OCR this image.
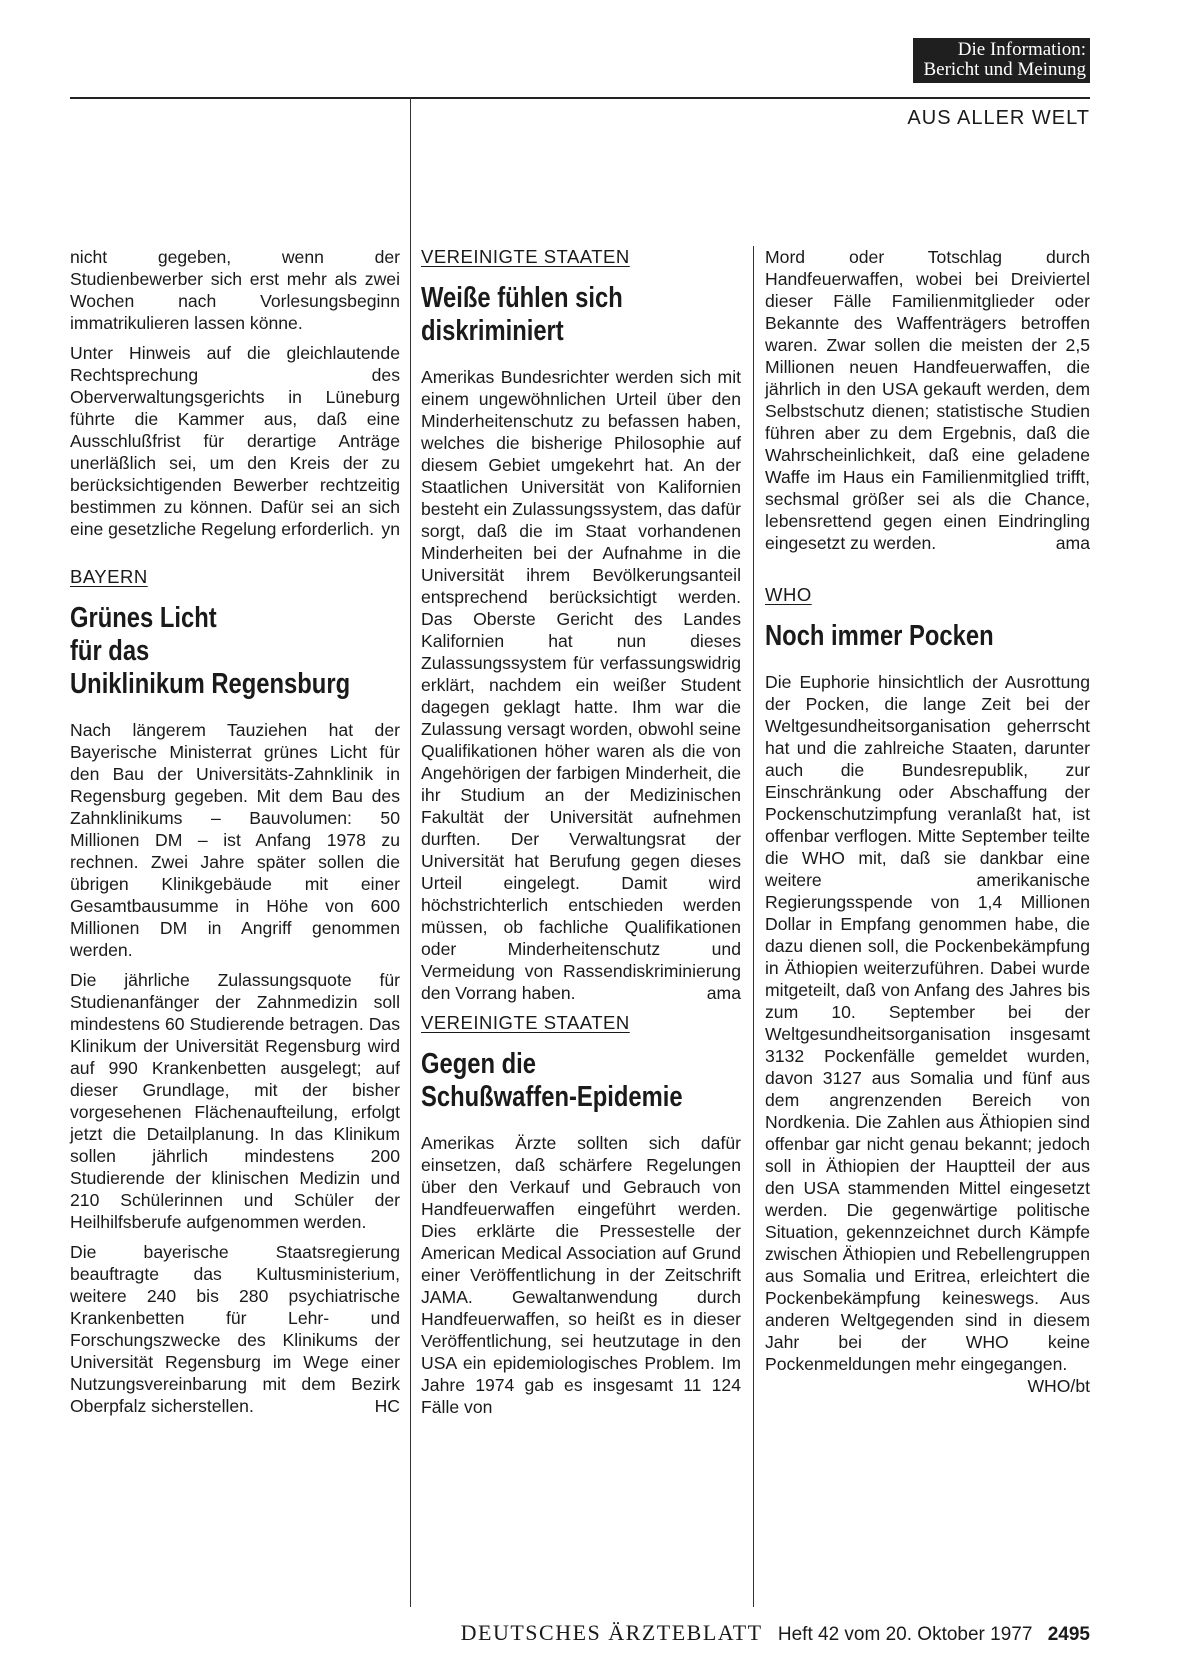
Die Information:
Bericht und Meinung
AUS ALLER WELT

nicht gegeben, wenn der Studienbewerber sich erst mehr als zwei Wochen nach Vorlesungsbeginn immatrikulieren lassen könne.

Unter Hinweis auf die gleichlautende Rechtsprechung des Oberverwaltungsgerichts in Lüneburg führte die Kammer aus, daß eine Ausschlußfrist für derartige Anträge unerläßlich sei, um den Kreis der zu berücksichtigenden Bewerber rechtzeitig bestimmen zu können. Dafür sei an sich eine gesetzliche Regelung erforderlich. yn

BAYERN
Grünes Licht
für das
Uniklinikum Regensburg

Nach längerem Tauziehen hat der Bayerische Ministerrat grünes Licht für den Bau der Universitäts-Zahnklinik in Regensburg gegeben. Mit dem Bau des Zahnklinikums – Bauvolumen: 50 Millionen DM – ist Anfang 1978 zu rechnen. Zwei Jahre später sollen die übrigen Klinikgebäude mit einer Gesamtbausumme in Höhe von 600 Millionen DM in Angriff genommen werden.

Die jährliche Zulassungsquote für Studienanfänger der Zahnmedizin soll mindestens 60 Studierende betragen. Das Klinikum der Universität Regensburg wird auf 990 Krankenbetten ausgelegt; auf dieser Grundlage, mit der bisher vorgesehenen Flächenaufteilung, erfolgt jetzt die Detailplanung. In das Klinikum sollen jährlich mindestens 200 Studierende der klinischen Medizin und 210 Schülerinnen und Schüler der Heilhilfsberufe aufgenommen werden.

Die bayerische Staatsregierung beauftragte das Kultusministerium, weitere 240 bis 280 psychiatrische Krankenbetten für Lehr- und Forschungszwecke des Klinikums der Universität Regensburg im Wege einer Nutzungsvereinbarung mit dem Bezirk Oberpfalz sicherstellen.	HC

VEREINIGTE STAATEN
Weiße fühlen sich
diskriminiert

Amerikas Bundesrichter werden sich mit einem ungewöhnlichen Urteil über den Minderheitenschutz zu befassen haben, welches die bisherige Philosophie auf diesem Gebiet umgekehrt hat. An der Staatlichen Universität von Kalifornien besteht ein Zulassungssystem, das dafür sorgt, daß die im Staat vorhandenen Minderheiten bei der Aufnahme in die Universität ihrem Bevölkerungsanteil entsprechend berücksichtigt werden. Das Oberste Gericht des Landes Kalifornien hat nun dieses Zulassungssystem für verfassungswidrig erklärt, nachdem ein weißer Student dagegen geklagt hatte. Ihm war die Zulassung versagt worden, obwohl seine Qualifikationen höher waren als die von Angehörigen der farbigen Minderheit, die ihr Studium an der Medizinischen Fakultät der Universität aufnehmen durften. Der Verwaltungsrat der Universität hat Berufung gegen dieses Urteil eingelegt. Damit wird höchstrichterlich entschieden werden müssen, ob fachliche Qualifikationen oder Minderheitenschutz und Vermeidung von Rassendiskriminierung den Vorrang haben.	ama

VEREINIGTE STAATEN
Gegen die
Schußwaffen-Epidemie

Amerikas Ärzte sollten sich dafür einsetzen, daß schärfere Regelungen über den Verkauf und Gebrauch von Handfeuerwaffen eingeführt werden. Dies erklärte die Pressestelle der American Medical Association auf Grund einer Veröffentlichung in der Zeitschrift JAMA. Gewaltanwendung durch Handfeuerwaffen, so heißt es in dieser Veröffentlichung, sei heutzutage in den USA ein epidemiologisches Problem. Im Jahre 1974 gab es insgesamt 11 124 Fälle von

Mord oder Totschlag durch Handfeuerwaffen, wobei bei Dreiviertel dieser Fälle Familienmitglieder oder Bekannte des Waffenträgers betroffen waren. Zwar sollen die meisten der 2,5 Millionen neuen Handfeuerwaffen, die jährlich in den USA gekauft werden, dem Selbstschutz dienen; statistische Studien führen aber zu dem Ergebnis, daß die Wahrscheinlichkeit, daß eine geladene Waffe im Haus ein Familienmitglied trifft, sechsmal größer sei als die Chance, lebensrettend gegen einen Eindringling eingesetzt zu werden.	ama

WHO
Noch immer Pocken

Die Euphorie hinsichtlich der Ausrottung der Pocken, die lange Zeit bei der Weltgesundheitsorganisation geherrscht hat und die zahlreiche Staaten, darunter auch die Bundesrepublik, zur Einschränkung oder Abschaffung der Pockenschutzimpfung veranlaßt hat, ist offenbar verflogen. Mitte September teilte die WHO mit, daß sie dankbar eine weitere amerikanische Regierungsspende von 1,4 Millionen Dollar in Empfang genommen habe, die dazu dienen soll, die Pockenbekämpfung in Äthiopien weiterzuführen. Dabei wurde mitgeteilt, daß von Anfang des Jahres bis zum 10. September bei der Weltgesundheitsorganisation insgesamt 3132 Pockenfälle gemeldet wurden, davon 3127 aus Somalia und fünf aus dem angrenzenden Bereich von Nordkenia. Die Zahlen aus Äthiopien sind offenbar gar nicht genau bekannt; jedoch soll in Äthiopien der Hauptteil der aus den USA stammenden Mittel eingesetzt werden. Die gegenwärtige politische Situation, gekennzeichnet durch Kämpfe zwischen Äthiopien und Rebellengruppen aus Somalia und Eritrea, erleichtert die Pockenbekämpfung keineswegs. Aus anderen Weltgegenden sind in diesem Jahr bei der WHO keine Pockenmeldungen mehr eingegangen.
WHO/bt

DEUTSCHES ÄRZTEBLATT Heft 42 vom 20. Oktober 1977 2495
